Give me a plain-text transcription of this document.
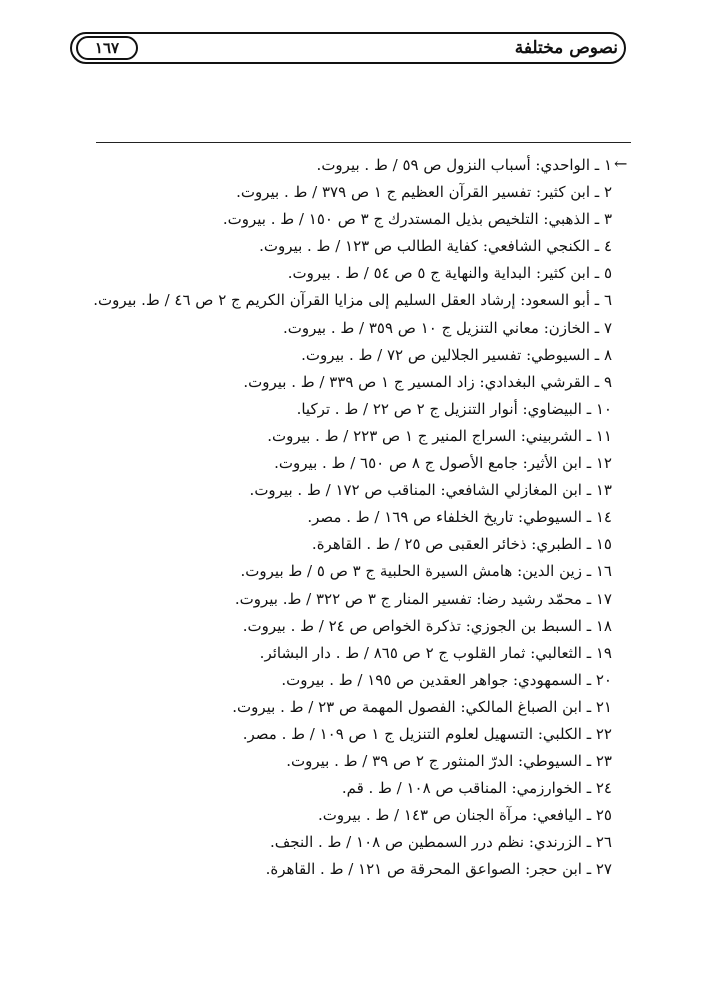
١٦٧	نصوص مختلفة
←
١ ـ الواحدي: أسباب النزول ص ٥٩ / ط . بيروت.
٢ ـ ابن كثير: تفسير القرآن العظيم ج ١ ص ٣٧٩ / ط . بيروت.
٣ ـ الذهبي: التلخيص بذيل المستدرك ج ٣ ص ١٥٠ / ط . بيروت.
٤ ـ الكنجي الشافعي: كفاية الطالب ص ١٢٣ / ط . بيروت.
٥ ـ ابن كثير: البداية والنهاية ج ٥ ص ٥٤ / ط . بيروت.
٦ ـ أبو السعود: إرشاد العقل السليم إلى مزايا القرآن الكريم ج ٢ ص ٤٦ / ط. بيروت.
٧ ـ الخازن: معاني التنزيل ج ١٠ ص ٣٥٩ / ط . بيروت.
٨ ـ السيوطي: تفسير الجلالين ص ٧٢ / ط . بيروت.
٩ ـ القرشي البغدادي: زاد المسير ج ١ ص ٣٣٩ / ط . بيروت.
١٠ ـ البيضاوي: أنوار التنزيل ج ٢ ص ٢٢ / ط . تركيا.
١١ ـ الشربيني: السراج المنير ج ١ ص ٢٢٣ / ط . بيروت.
١٢ ـ ابن الأثير: جامع الأصول ج ٨ ص ٦٥٠ / ط . بيروت.
١٣ ـ ابن المغازلي الشافعي: المناقب ص ١٧٢ / ط . بيروت.
١٤ ـ السيوطي: تاريخ الخلفاء ص ١٦٩ / ط . مصر.
١٥ ـ الطبري: ذخائر العقبى ص ٢٥ / ط . القاهرة.
١٦ ـ زين الدين: هامش السيرة الحلبية ج ٣ ص ٥ / ط بيروت.
١٧ ـ محمّد رشيد رضا: تفسير المنار ج ٣ ص ٣٢٢ / ط. بيروت.
١٨ ـ السبط بن الجوزي: تذكرة الخواص ص ٢٤ / ط . بيروت.
١٩ ـ الثعالبي: ثمار القلوب ج ٢ ص ٨٦٥ / ط . دار البشائر.
٢٠ ـ السمهودي: جواهر العقدين ص ١٩٥ / ط . بيروت.
٢١ ـ ابن الصباغ المالكي: الفصول المهمة ص ٢٣ / ط . بيروت.
٢٢ ـ الكلبي: التسهيل لعلوم التنزيل ج ١ ص ١٠٩ / ط . مصر.
٢٣ ـ السيوطي: الدرّ المنثور ج ٢ ص ٣٩ / ط . بيروت.
٢٤ ـ الخوارزمي: المناقب ص ١٠٨ / ط . قم.
٢٥ ـ اليافعي: مرآة الجنان ص ١٤٣ / ط . بيروت.
٢٦ ـ الزرندي: نظم درر السمطين ص ١٠٨ / ط . النجف.
٢٧ ـ ابن حجر: الصواعق المحرقة ص ١٢١ / ط . القاهرة.
